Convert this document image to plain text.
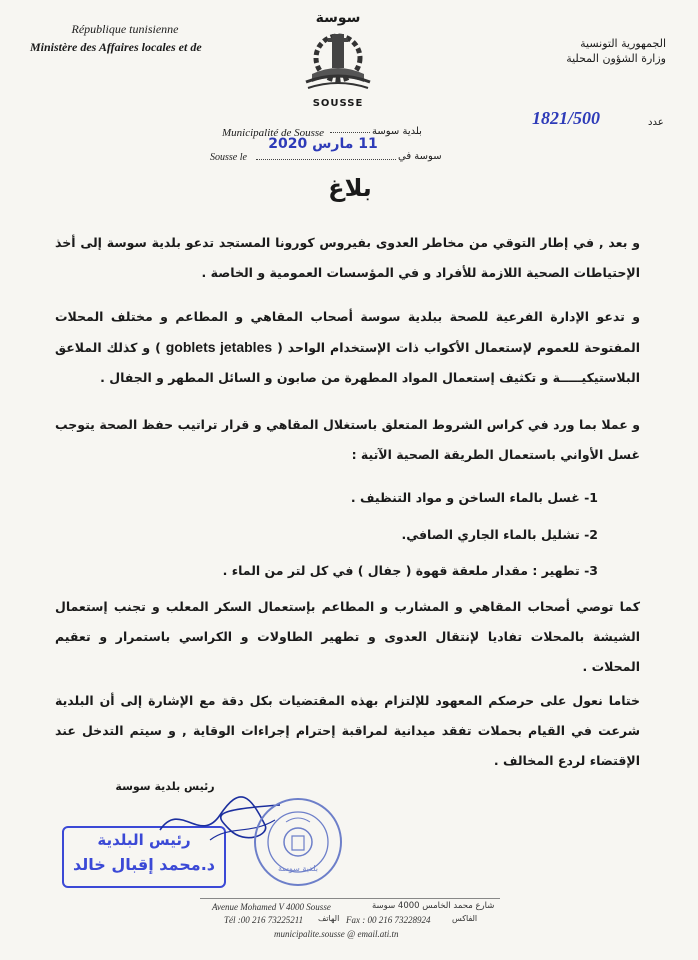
République tunisienne
Ministère des Affaires locales et de	الجمهورية التونسية
وزارة الشؤون المحلية
سوسة
SOUSSE
Municipalité de Sousse	بلدية سوسة
Sousse le
11 مارس 2020
سوسة في
1821/500	عدد
بلاغ

و بعد , في إطار التوقي من مخاطر العدوى بفيروس كورونا المستجد تدعو بلدية سوسة إلى أخذ الإحتياطات الصحية اللازمة للأفراد و في المؤسسات العمومية و الخاصة .

و تدعو الإدارة الفرعية للصحة ببلدية سوسة أصحاب المقاهي و المطاعم و مختلف المحلات المفتوحة للعموم لإستعمال الأكواب ذات الإستخدام الواحد ( goblets jetables ) و كذلك الملاعق البلاستيكيـــــة و تكثيف إستعمال المواد المطهرة من صابون و السائل المطهر و الجفال .

و عملا بما ورد في كراس الشروط المتعلق باستغلال المقاهي و قرار تراتيب حفظ الصحة يتوجب غسل الأواني باستعمال الطريقة الصحية الآتية :

1- غسل بالماء الساخن و مواد التنظيف .
2- تشليل بالماء الجاري الصافي.
3- تطهير : مقدار ملعقة قهوة ( جفال ) في كل لتر من الماء .

كما توصي أصحاب المقاهي و المشارب و المطاعم بإستعمال السكر المعلب و تجنب إستعمال الشيشة بالمحلات تفاديا لإنتقال العدوى و تطهير الطاولات و الكراسي باستمرار و تعقيم المحلات .

ختاما نعول على حرصكم المعهود للإلتزام بهذه المقتضيات بكل دقة مع الإشارة إلى أن البلدية شرعت في القيام بحملات تفقد ميدانية لمراقبة إحترام إجراءات الوقاية , و سيتم التدخل عند الإقتضاء لردع المخالف .

رئيس بلدية سوسة
رئيس البلدية
د.محمد إقبال خالد	بلدية سوسة
Avenue Mohamed V 4000 Sousse	شارع محمد الخامس 4000 سوسة
Tél :00 216 73225211 الهاتف Fax : 00 216 73228924	الفاكس
municipalite.sousse @ email.ati.tn
